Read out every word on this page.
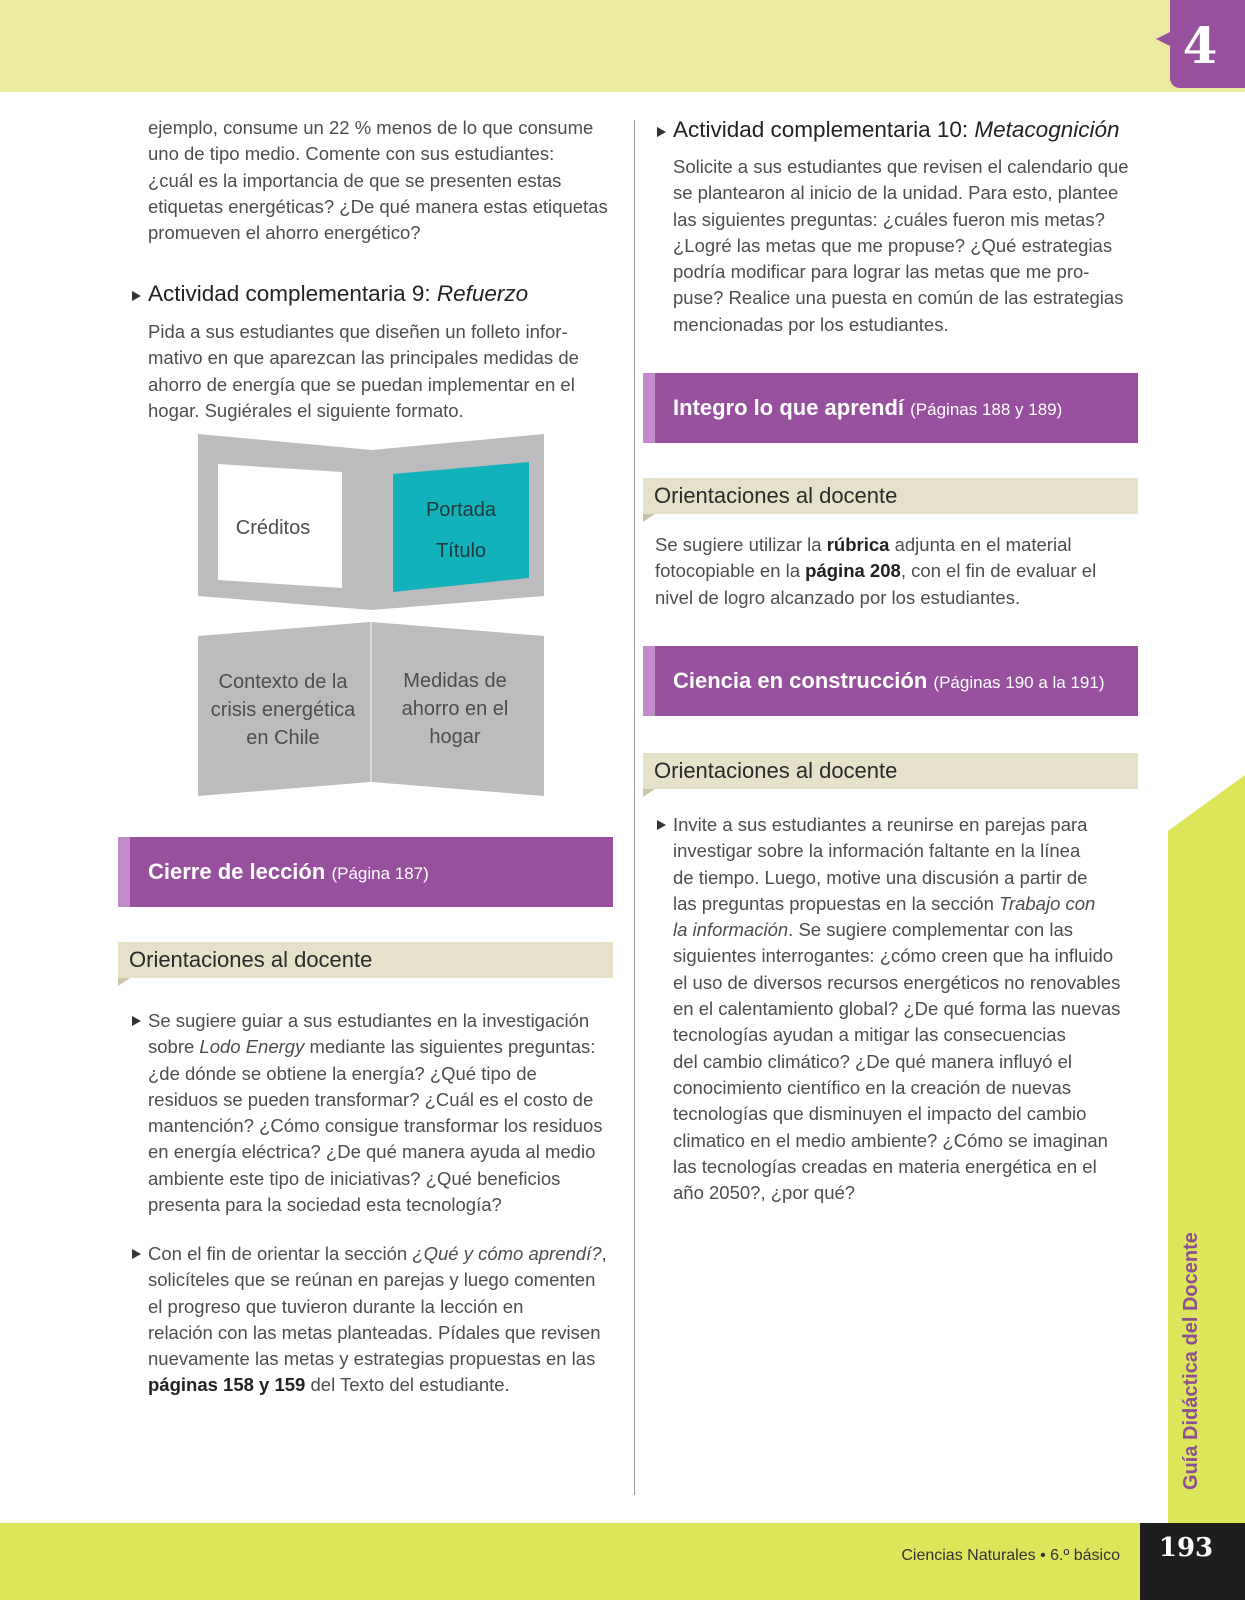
4
Guía Didáctica del Docente
Ciencias Naturales • 6.º básico	193
ejemplo, consume un 22 % menos de lo que consume
uno de tipo medio. Comente con sus estudiantes:
¿cuál es la importancia de que se presenten estas
etiquetas energéticas? ¿De qué manera estas etiquetas
promueven el ahorro energético?
Actividad complementaria 9: Refuerzo
Pida a sus estudiantes que diseñen un folleto infor-
mativo en que aparezcan las principales medidas de
ahorro de energía que se puedan implementar en el
hogar. Sugiérales el siguiente formato.
Créditos
Portada
Título
Contexto de la
crisis energética
en Chile
Medidas de
ahorro en el
hogar
Cierre de lección (Página 187)
Orientaciones al docente
Se sugiere guiar a sus estudiantes en la investigación
sobre Lodo Energy mediante las siguientes preguntas:
¿de dónde se obtiene la energía? ¿Qué tipo de
residuos se pueden transformar? ¿Cuál es el costo de
mantención? ¿Cómo consigue transformar los residuos
en energía eléctrica? ¿De qué manera ayuda al medio
ambiente este tipo de iniciativas? ¿Qué beneficios
presenta para la sociedad esta tecnología?
Con el fin de orientar la sección ¿Qué y cómo aprendí?,
solicíteles que se reúnan en parejas y luego comenten
el progreso que tuvieron durante la lección en
relación con las metas planteadas. Pídales que revisen
nuevamente las metas y estrategias propuestas en las
páginas 158 y 159 del Texto del estudiante.
Actividad complementaria 10: Metacognición
Solicite a sus estudiantes que revisen el calendario que
se plantearon al inicio de la unidad. Para esto, plantee
las siguientes preguntas: ¿cuáles fueron mis metas?
¿Logré las metas que me propuse? ¿Qué estrategias
podría modificar para lograr las metas que me pro-
puse? Realice una puesta en común de las estrategias
mencionadas por los estudiantes.
Integro lo que aprendí (Páginas 188 y 189)
Orientaciones al docente
Se sugiere utilizar la rúbrica adjunta en el material
fotocopiable en la página 208, con el fin de evaluar el
nivel de logro alcanzado por los estudiantes.
Ciencia en construcción (Páginas 190 a la 191)
Orientaciones al docente
Invite a sus estudiantes a reunirse en parejas para
investigar sobre la información faltante en la línea
de tiempo. Luego, motive una discusión a partir de
las preguntas propuestas en la sección Trabajo con
la información. Se sugiere complementar con las
siguientes interrogantes: ¿cómo creen que ha influido
el uso de diversos recursos energéticos no renovables
en el calentamiento global? ¿De qué forma las nuevas
tecnologías ayudan a mitigar las consecuencias
del cambio climático? ¿De qué manera influyó el
conocimiento científico en la creación de nuevas
tecnologías que disminuyen el impacto del cambio
climatico en el medio ambiente? ¿Cómo se imaginan
las tecnologías creadas en materia energética en el
año 2050?, ¿por qué?
